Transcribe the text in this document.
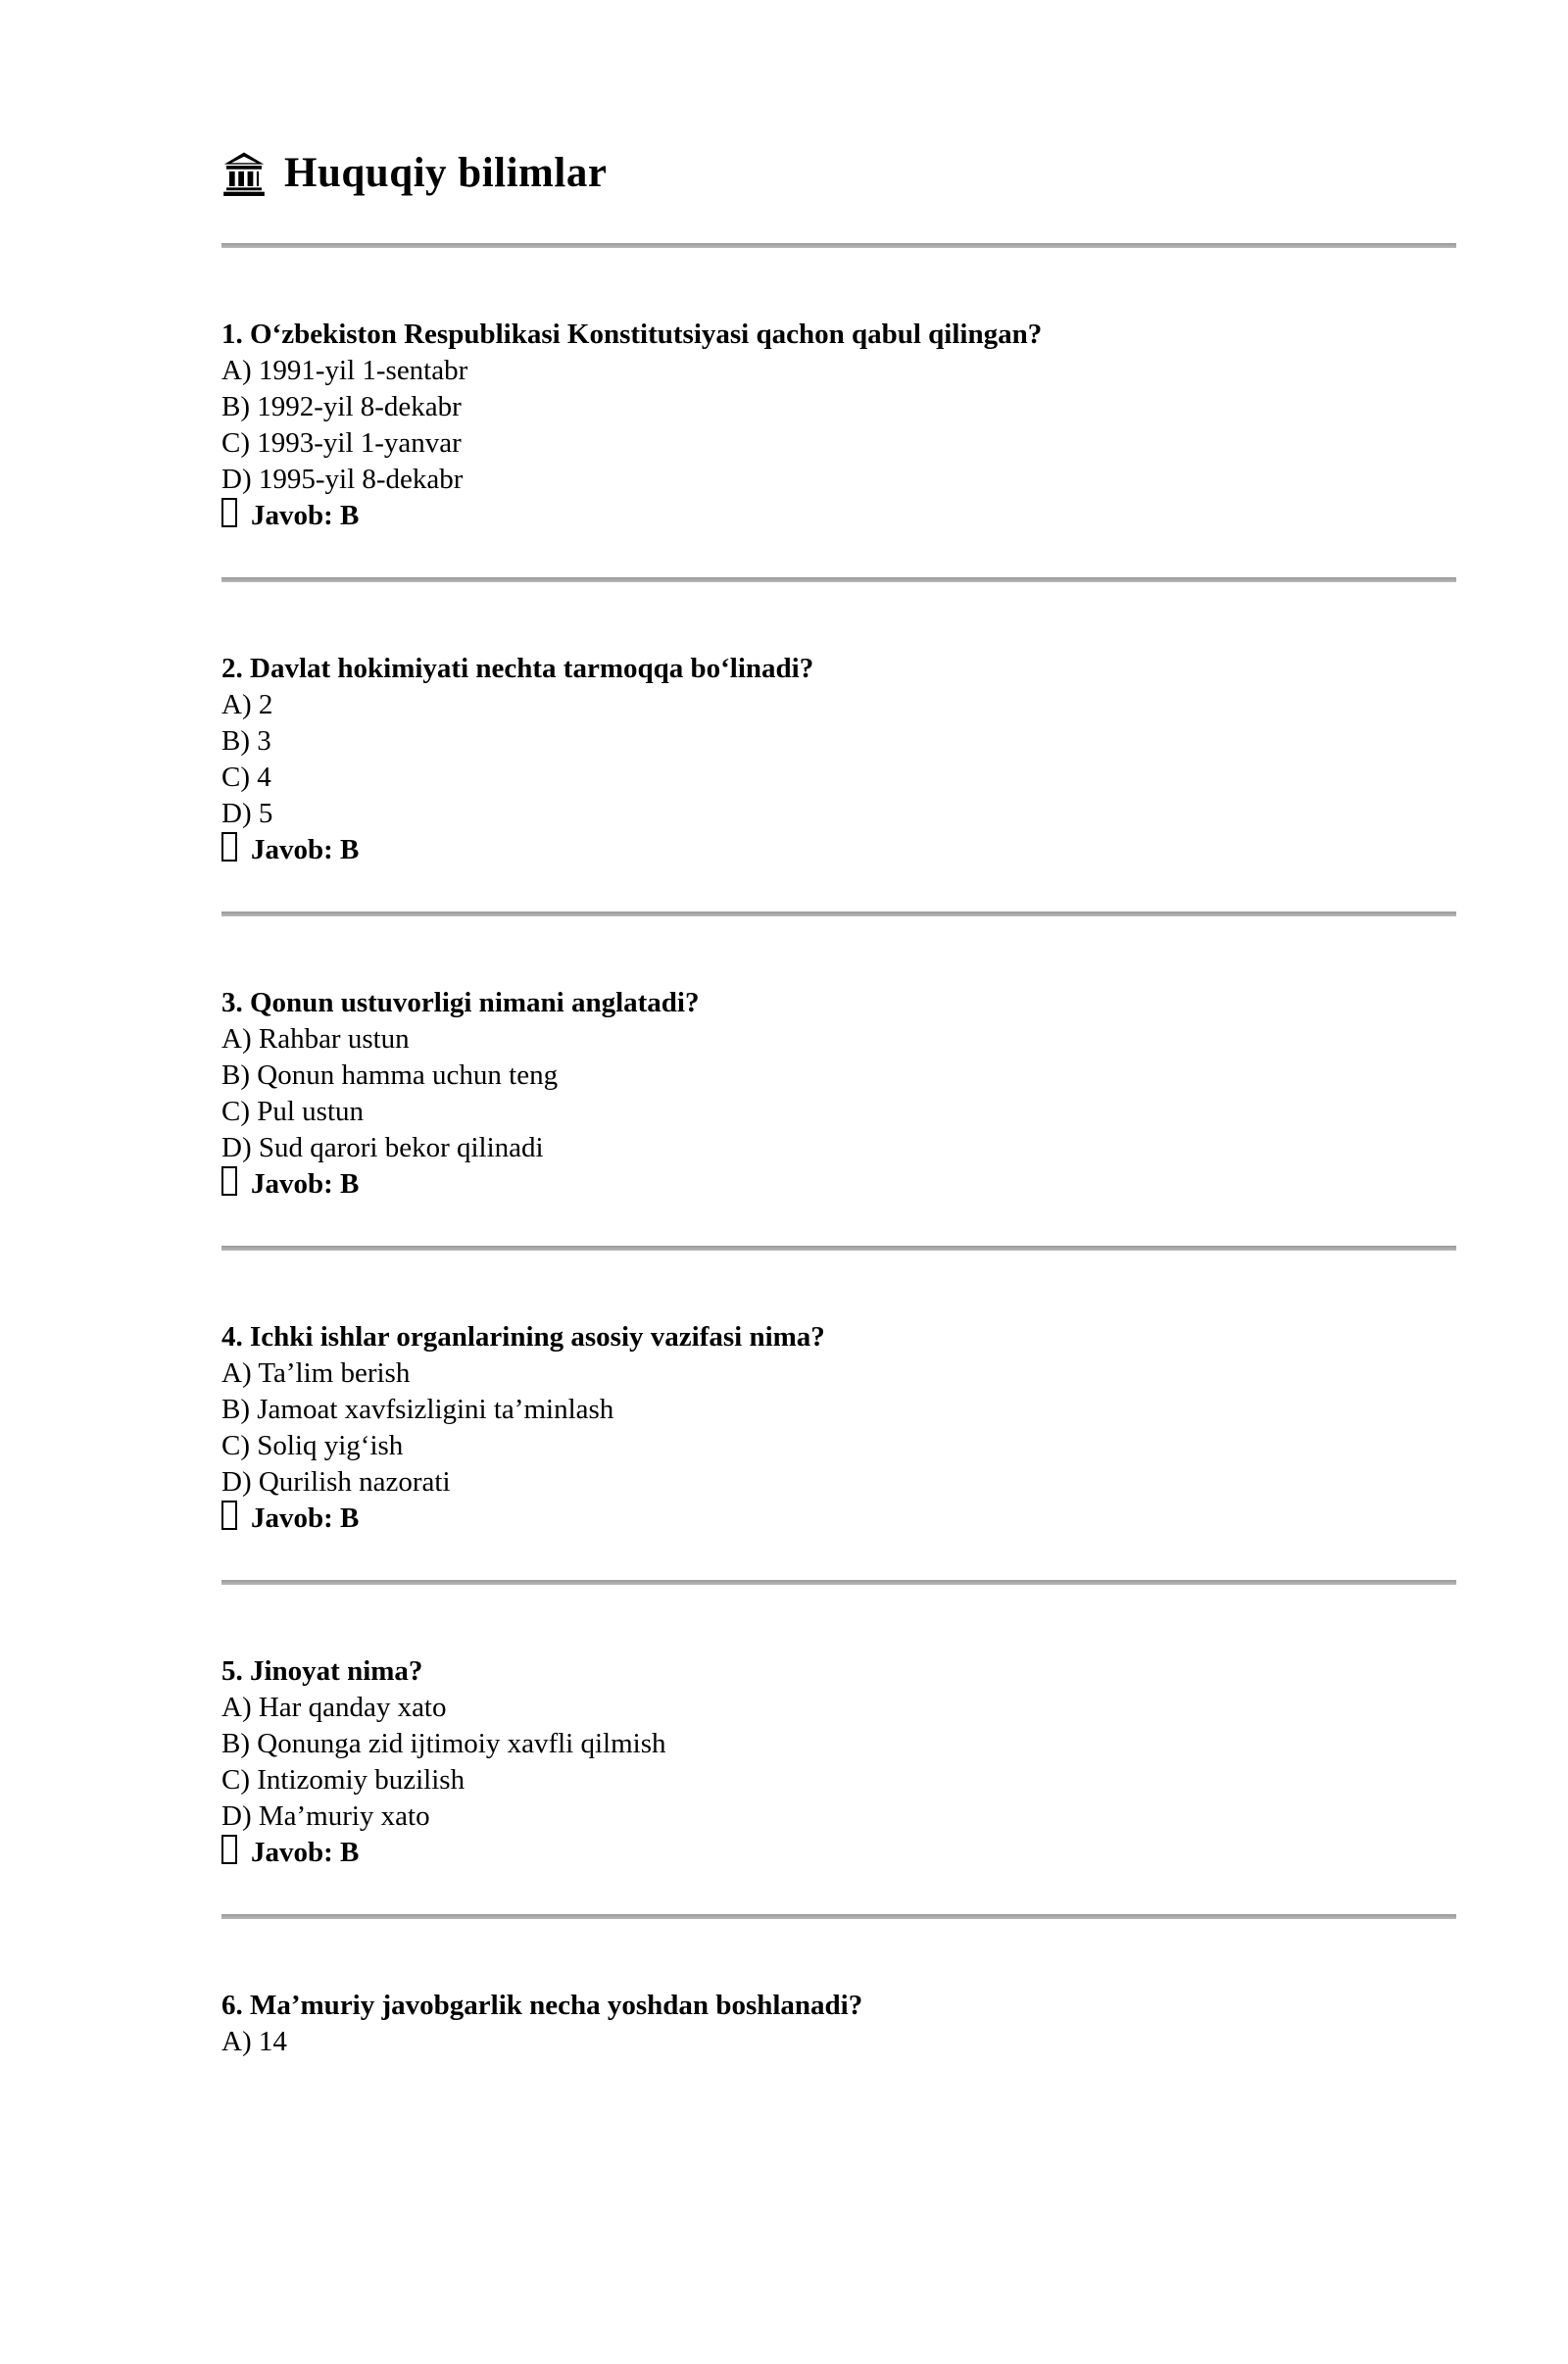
Huquqiy bilimlar

1. O‘zbekiston Respublikasi Konstitutsiyasi qachon qabul qilingan?

A) 1991-yil 1-sentabr

B) 1992-yil 8-dekabr

C) 1993-yil 1-yanvar

D) 1995-yil 8-dekabr

Javob: B

2. Davlat hokimiyati nechta tarmoqqa bo‘linadi?

A) 2

B) 3

C) 4

D) 5

Javob: B

3. Qonun ustuvorligi nimani anglatadi?

A) Rahbar ustun

B) Qonun hamma uchun teng

C) Pul ustun

D) Sud qarori bekor qilinadi

Javob: B

4. Ichki ishlar organlarining asosiy vazifasi nima?

A) Ta’lim berish

B) Jamoat xavfsizligini ta’minlash

C) Soliq yig‘ish

D) Qurilish nazorati

Javob: B

5. Jinoyat nima?

A) Har qanday xato

B) Qonunga zid ijtimoiy xavfli qilmish

C) Intizomiy buzilish

D) Ma’muriy xato

Javob: B

6. Ma’muriy javobgarlik necha yoshdan boshlanadi?

A) 14
